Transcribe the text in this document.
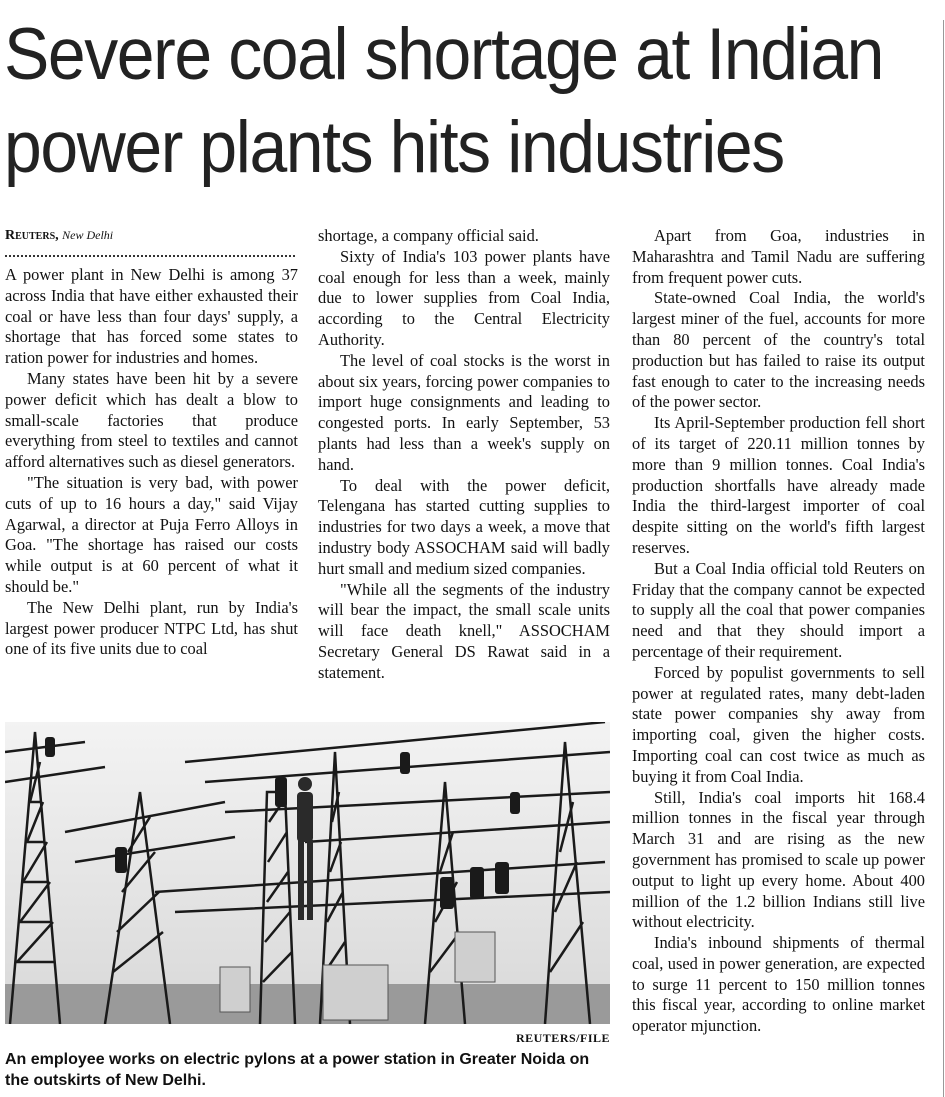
Severe coal shortage at Indian
power plants hits industries
Reuters, New Delhi

A power plant in New Delhi is among 37 across India that have either exhausted their coal or have less than four days' supply, a shortage that has forced some states to ration power for industries and homes.

Many states have been hit by a severe power deficit which has dealt a blow to small-scale factories that produce everything from steel to textiles and cannot afford alternatives such as diesel generators.

"The situation is very bad, with power cuts of up to 16 hours a day," said Vijay Agarwal, a director at Puja Ferro Alloys in Goa. "The shortage has raised our costs while output is at 60 percent of what it should be."

The New Delhi plant, run by India's largest power producer NTPC Ltd, has shut one of its five units due to coal

shortage, a company official said.

Sixty of India's 103 power plants have coal enough for less than a week, mainly due to lower supplies from Coal India, according to the Central Electricity Authority.

The level of coal stocks is the worst in about six years, forcing power companies to import huge consignments and leading to congested ports. In early September, 53 plants had less than a week's supply on hand.

To deal with the power deficit, Telengana has started cutting supplies to industries for two days a week, a move that industry body ASSOCHAM said will badly hurt small and medium sized companies.

"While all the segments of the industry will bear the impact, the small scale units will face death knell," ASSOCHAM Secretary General DS Rawat said in a statement.

Apart from Goa, industries in Maharashtra and Tamil Nadu are suffering from frequent power cuts.

State-owned Coal India, the world's largest miner of the fuel, accounts for more than 80 percent of the country's total production but has failed to raise its output fast enough to cater to the increasing needs of the power sector.

Its April-September production fell short of its target of 220.11 million tonnes by more than 9 million tonnes. Coal India's production shortfalls have already made India the third-largest importer of coal despite sitting on the world's fifth largest reserves.

But a Coal India official told Reuters on Friday that the company cannot be expected to supply all the coal that power companies need and that they should import a percentage of their requirement.

Forced by populist governments to sell power at regulated rates, many debt-laden state power companies shy away from importing coal, given the higher costs. Importing coal can cost twice as much as buying it from Coal India.

Still, India's coal imports hit 168.4 million tonnes in the fiscal year through March 31 and are rising as the new government has promised to scale up power output to light up every home. About 400 million of the 1.2 billion Indians still live without electricity.

India's inbound shipments of thermal coal, used in power generation, are expected to surge 11 percent to 150 million tonnes this fiscal year, according to online market operator mjunction.

REUTERS/FILE
An employee works on electric pylons at a power station in Greater Noida on the outskirts of New Delhi.
